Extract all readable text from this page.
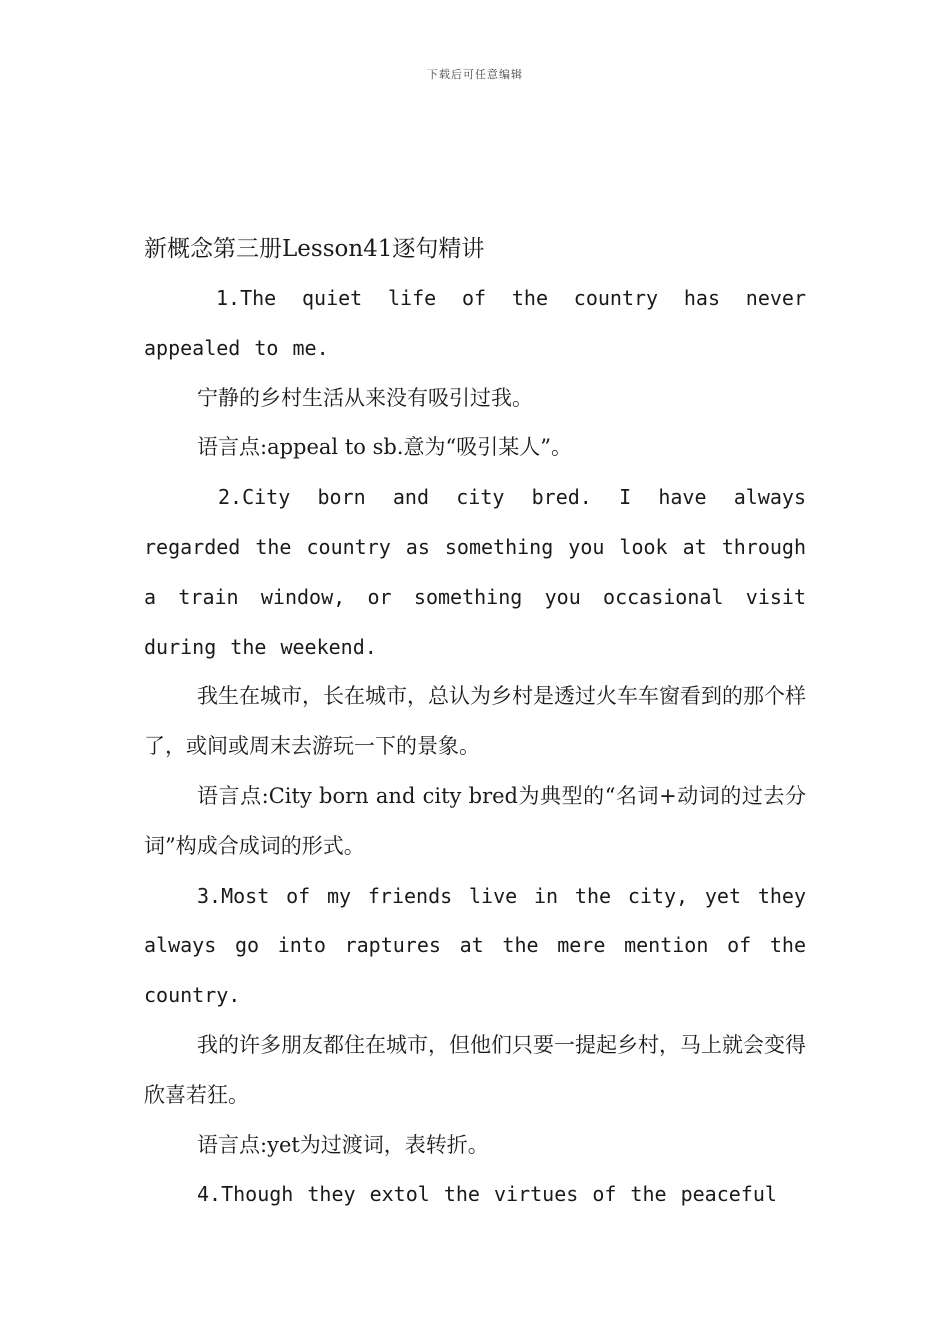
下载后可任意编辑

新概念第三册Lesson41逐句精讲

1.The quiet life of the country has never appealed to me.

宁静的乡村生活从来没有吸引过我。

语言点:appeal to sb.意为“吸引某人”。

2.City born and city bred. I have always regarded the country as something you look at through a train window, or something you occasional visit during the weekend.

我生在城市，长在城市，总认为乡村是透过火车车窗看到的那个样了，或间或周末去游玩一下的景象。

语言点:City born and city bred为典型的“名词+动词的过去分词”构成合成词的形式。

3.Most of my friends live in the city, yet they always go into raptures at the mere mention of the country.

我的许多朋友都住在城市，但他们只要一提起乡村，马上就会变得欣喜若狂。

语言点:yet为过渡词，表转折。

4.Though they extol the virtues of the peaceful
